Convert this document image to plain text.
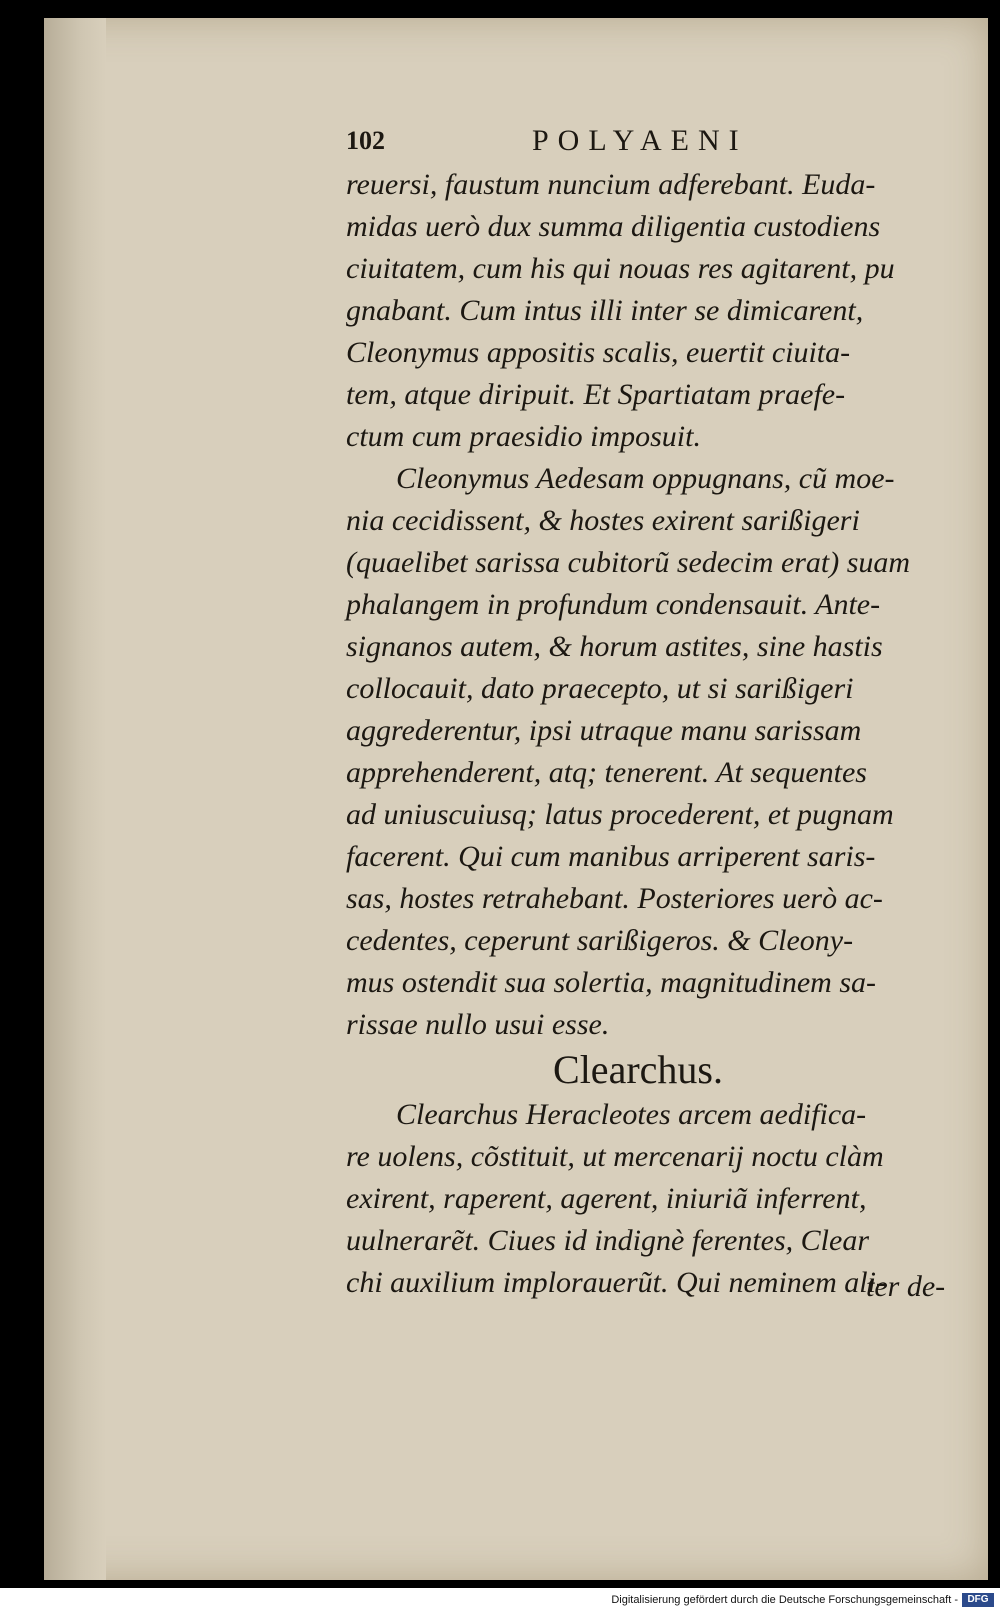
102	POLYAENI
reuersi, faustum nuncium adferebant. Euda-
midas uerò dux summa diligentia custodiens
ciuitatem, cum his qui nouas res agitarent, pu
gnabant. Cum intus illi inter se dimicarent,
Cleonymus appositis scalis, euertit ciuita-
tem, atque diripuit. Et Spartiatam praefe-
ctum cum praesidio imposuit.
Cleonymus Aedesam oppugnans, cũ moe-
nia cecidissent, & hostes exirent sarißigeri
(quaelibet sarissa cubitorũ sedecim erat) suam
phalangem in profundum condensauit. Ante-
signanos autem, & horum astites, sine hastis
collocauit, dato praecepto, ut si sarißigeri
aggrederentur, ipsi utraque manu sarissam
apprehenderent, atq; tenerent. At sequentes
ad uniuscuiusq; latus procederent, et pugnam
facerent. Qui cum manibus arriperent saris-
sas, hostes retrahebant. Posteriores uerò ac-
cedentes, ceperunt sarißigeros. & Cleony-
mus ostendit sua solertia, magnitudinem sa-
rissae nullo usui esse.
Clearchus.
Clearchus Heracleotes arcem aedifica-
re uolens, cõstituit, ut mercenarij noctu clàm
exirent, raperent, agerent, iniuriã inferrent,
uulnerarẽt. Ciues id indignè ferentes, Clear
chi auxilium implorauerũt. Qui neminem ali-
ter de-
Digitalisierung gefördert durch die Deutsche Forschungsgemeinschaft - DFG
